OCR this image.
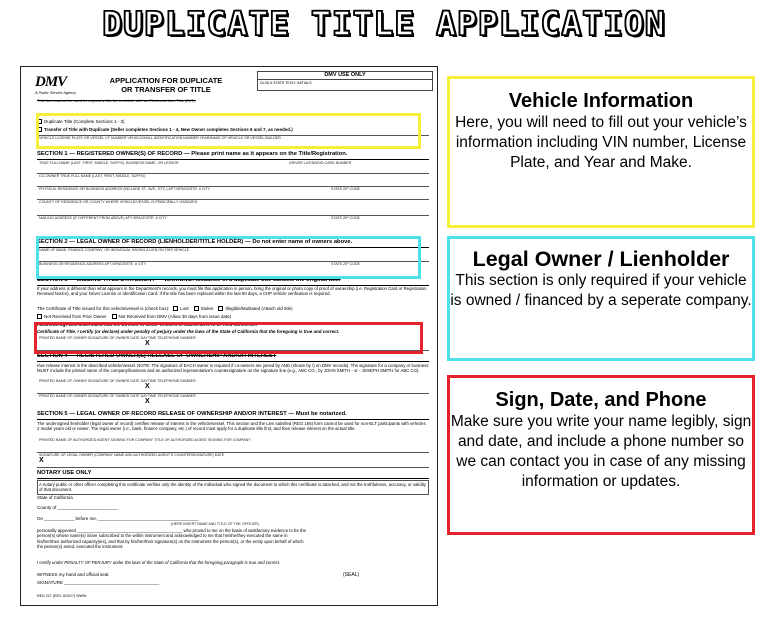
DUPLICATE TITLE APPLICATION
DMV
A Public Service Agency
APPLICATION FOR DUPLICATE
OR TRANSFER OF TITLE
DMV USE ONLY
DL/ID # STATE TECH. INITIALS
This form cannot be used to request a title for a vehicle with an Electronic Lien Title (ELT).
Duplicate Title (Complete Sections 1 - 3)
Transfer of Title with Duplicate (Seller completes Sections 1 - 4, New Owner completes Sections 6 and 7, as needed.)
VEHICLE LICENSE PLATE OR VESSEL CF NUMBER VEHICLE/HULL IDENTIFICATION NUMBER YEAR/MAKE OF VEHICLE OR VESSEL BUILDER
SECTION 1 — REGISTERED OWNER(S) OF RECORD — Please print name as it appears on the Title/Registration.
TRUE FULL NAME (LAST, FIRST, MIDDLE, SUFFIX), BUSINESS NAME, OR LESSOR	DRIVER LICENSE/ID CARD NUMBER
CO-OWNER TRUE FULL NAME (LAST, FIRST, MIDDLE, SUFFIX)
PHYSICAL RESIDENCE OR BUSINESS ADDRESS (INCLUDE ST., AVE., ETC.) APT./SPACE/STE. # CITY	STATE ZIP CODE
COUNTY OF RESIDENCE OR COUNTY WHERE VEHICLE/VESSEL IS PRINCIPALLY GARAGED
MAILING ADDRESS (IF DIFFERENT FROM ABOVE) APT./SPACE/STE. # CITY	STATE ZIP CODE
SECTION 2 — LEGAL OWNER OF RECORD (LIENHOLDER/TITLE HOLDER) — Do not enter name of owners above.
NAME OF BANK, FINANCE COMPANY, OR INDIVIDUAL HAVING A LIEN ON THIS VEHICLE
BUSINESS OR RESIDENCE ADDRESS APT./SPACE/STE. # CITY	STATE ZIP CODE
SECTION 3 — MISSING TITLE STATEMENT — WARNING: Issuance of a duplicate title cancels the original title.
If your address is different than what appears in the Department's records, you must file this application in person, bring the original or photo copy of proof of ownership (i.e. Registration Card or Registration Renewal Notice), and your Driver License or Identification Card. If the title has been replaced within the last 90 days, a CHP vehicle verification is required.
The Certificate of Title issued for this vehicle/vessel is (check box): Lost	Stolen	Illegible/Mutilated (Attach old title)
Not Received from Prior Owner	Not Received from DMV (Allow 30 days from issue date)
I acknowledge and understand that the Director of Motor Vehicles of California is to be held harmless...
Certificate of Title. I certify (or declare) under penalty of perjury under the laws of the State of California that the foregoing is true and correct.
PRINTED NAME OF OWNER SIGNATURE OF OWNER DATE DAYTIME TELEPHONE NUMBER
X
SECTION 4 — REGISTERED OWNER(S) RELEASE OF OWNERSHIP AND/OR INTEREST
I/we release interest in the described vehicle/vessel. NOTE: The signature of EACH owner is required if co-owners are joined by AND (shown by /) on DMV records). The signature for a company or business MUST include the printed name of the company/business and an authorized representative's countersignature on the signature line (e.g., ABC CO., by JOHN SMITH - or - JOSEPH SMITH for ABC CO).
PRINTED NAME OF OWNER SIGNATURE OF OWNER DATE DAYTIME TELEPHONE NUMBER
X
PRINTED NAME OF OWNER SIGNATURE OF OWNER DATE DAYTIME TELEPHONE NUMBER
X
SECTION 5 — LEGAL OWNER OF RECORD RELEASE OF OWNERSHIP AND/OR INTEREST — Must be notarized.
The undersigned lienholder (legal owner of record) certifies release of interest in the vehicle/vessel. This section and the Lien satisfied (REG 166) form cannot be used for non-ELT participants with vehicles 2 model years old or newer. The legal owner (i.e., bank, finance company, etc.) of record must apply for a duplicate title first, and then release interest on the actual title.
PRINTED NAME OF AUTHORIZED AGENT SIGNING FOR COMPANY TITLE OF AUTHORIZED AGENT SIGNING FOR COMPANY
SIGNATURE OF LEGAL OWNER (COMPANY NAME AND AUTHORIZED AGENT'S COUNTERSIGNATURE) DATE
X
NOTARY USE ONLY
A notary public or other officer completing this certificate verifies only the identity of the individual who signed the document to which this certificate is attached, and not the truthfulness, accuracy, or validity of that document.
State of California
County of ________________________
On ____________ before me, ________________________________________
(HERE INSERT NAME AND TITLE OF THE OFFICER)
personally appeared ____________________________________________ who proved to me on the basis of satisfactory evidence to be the person(s) whose name(s) is/are subscribed to the within instrument and acknowledged to me that he/she/they executed the same in his/her/their authorized capacity(ies), and that by his/her/their signature(s) on the instrument the person(s), or the entity upon behalf of which the person(s) acted, executed the instrument.
I certify under PENALTY OF PERJURY under the laws of the State of California that the foregoing paragraph is true and correct.
WITNESS my hand and official seal.
SIGNATURE ______________________________________
(SEAL)
REG 227 (REV. 8/2017) WWW
Vehicle Information

Here, you will need to fill out your vehicle’s information including VIN number, License Plate, and Year and Make.

Legal Owner / Lienholder

This section is only required if your vehicle is owned / financed by a seperate company.

Sign, Date, and Phone

Make sure you write your name legibly, sign and date, and include a phone number so we can contact you in case of any missing information or updates.
